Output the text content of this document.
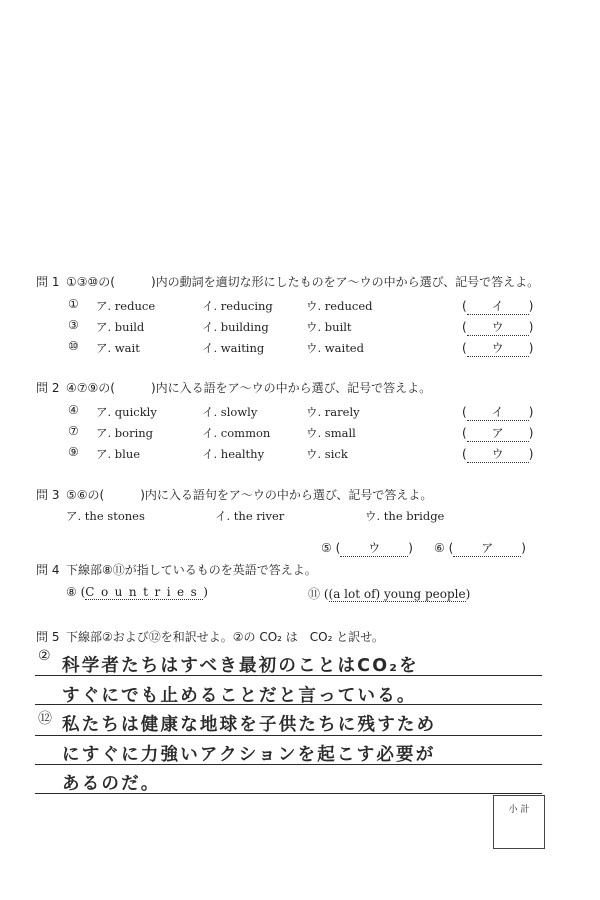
問 1 ①③⑩の(　　　)内の動詞を適切な形にしたものをア～ウの中から選び、記号で答えよ。
① ア. reduce	イ. reducing	ウ. reduced	( イ )
③ ア. build	イ. building	ウ. built	( ウ )
⑩ ア. wait	イ. waiting	ウ. waited	( ウ )
問 2 ④⑦⑨の(　　　)内に入る語をア～ウの中から選び、記号で答えよ。
④ ア. quickly	イ. slowly	ウ. rarely	( イ )
⑦ ア. boring	イ. common	ウ. small	( ア )
⑨ ア. blue	イ. healthy	ウ. sick	( ウ )
問 3 ⑤⑥の(　　　)内に入る語句をア～ウの中から選び、記号で答えよ。
ア. the stones	イ. the river	ウ. the bridge
⑤ ( ウ ) ⑥ ( ア )
問 4 下線部⑧⑪が指しているものを英語で答えよ。
⑧ (Countries)	⑪ ((a lot of) young people)
問 5 下線部②および⑫を和訳せよ。②の CO₂ は　CO₂ と訳せ。
② 科学者たちはすべき最初のことはCO₂を
すぐにでも止めることだと言っている。
⑫ 私たちは健康な地球を子供たちに残すため
にすぐに力強いアクションを起こす必要が
あるのだ。
小 計
